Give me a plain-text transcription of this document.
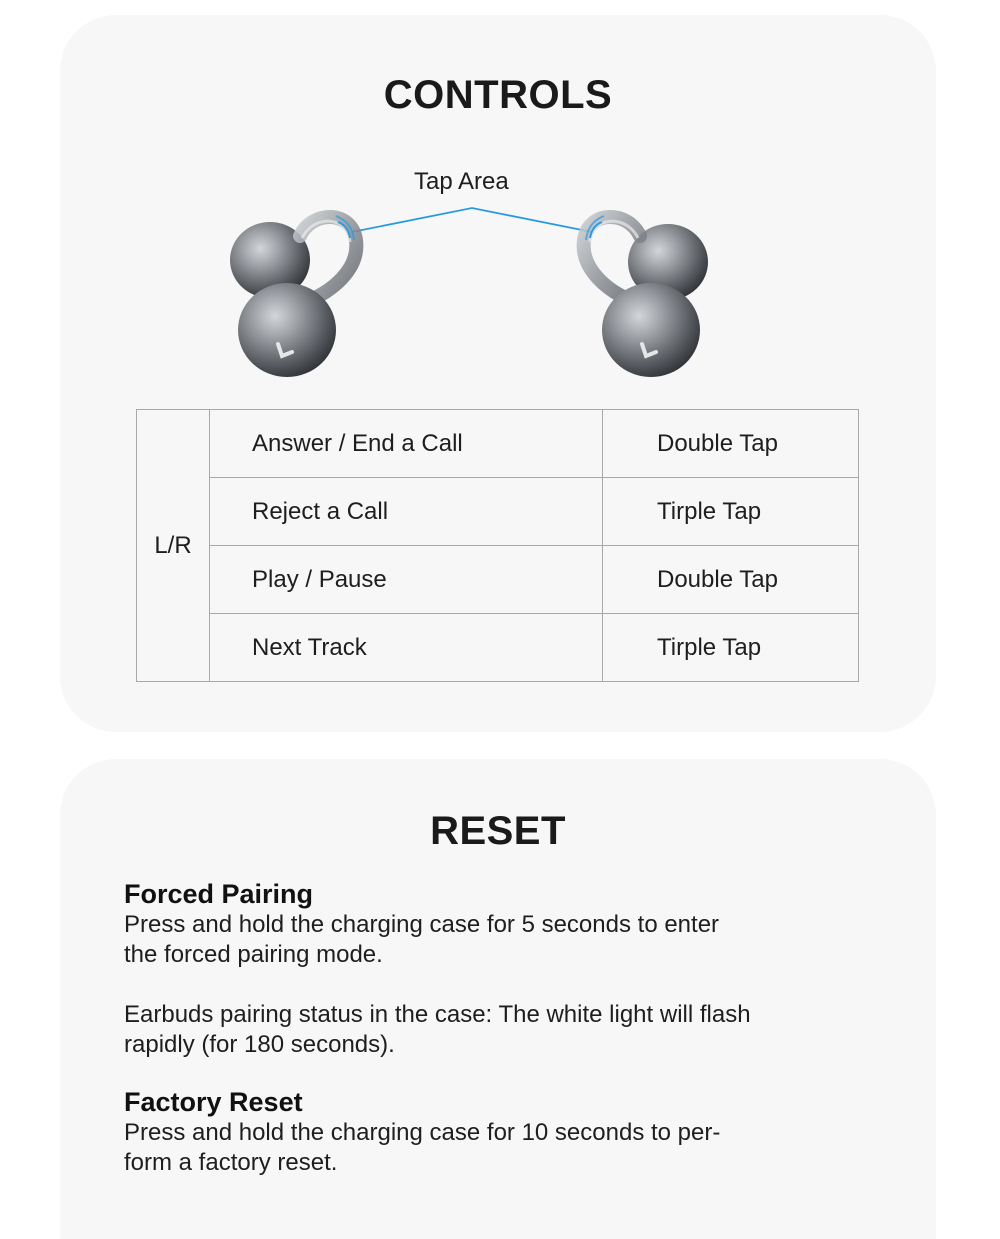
CONTROLS
Tap Area
L/R	Answer / End a Call	Double Tap
	Reject a Call	Tirple Tap
	Play / Pause	Double Tap
	Next Track	Tirple Tap
RESET
Forced Pairing

Press and hold the charging case for 5 seconds to enter

the forced pairing mode.

Earbuds pairing status in the case: The white light will flash

rapidly (for 180 seconds).

Factory Reset

Press and hold the charging case for 10 seconds to per-

form a factory reset.
